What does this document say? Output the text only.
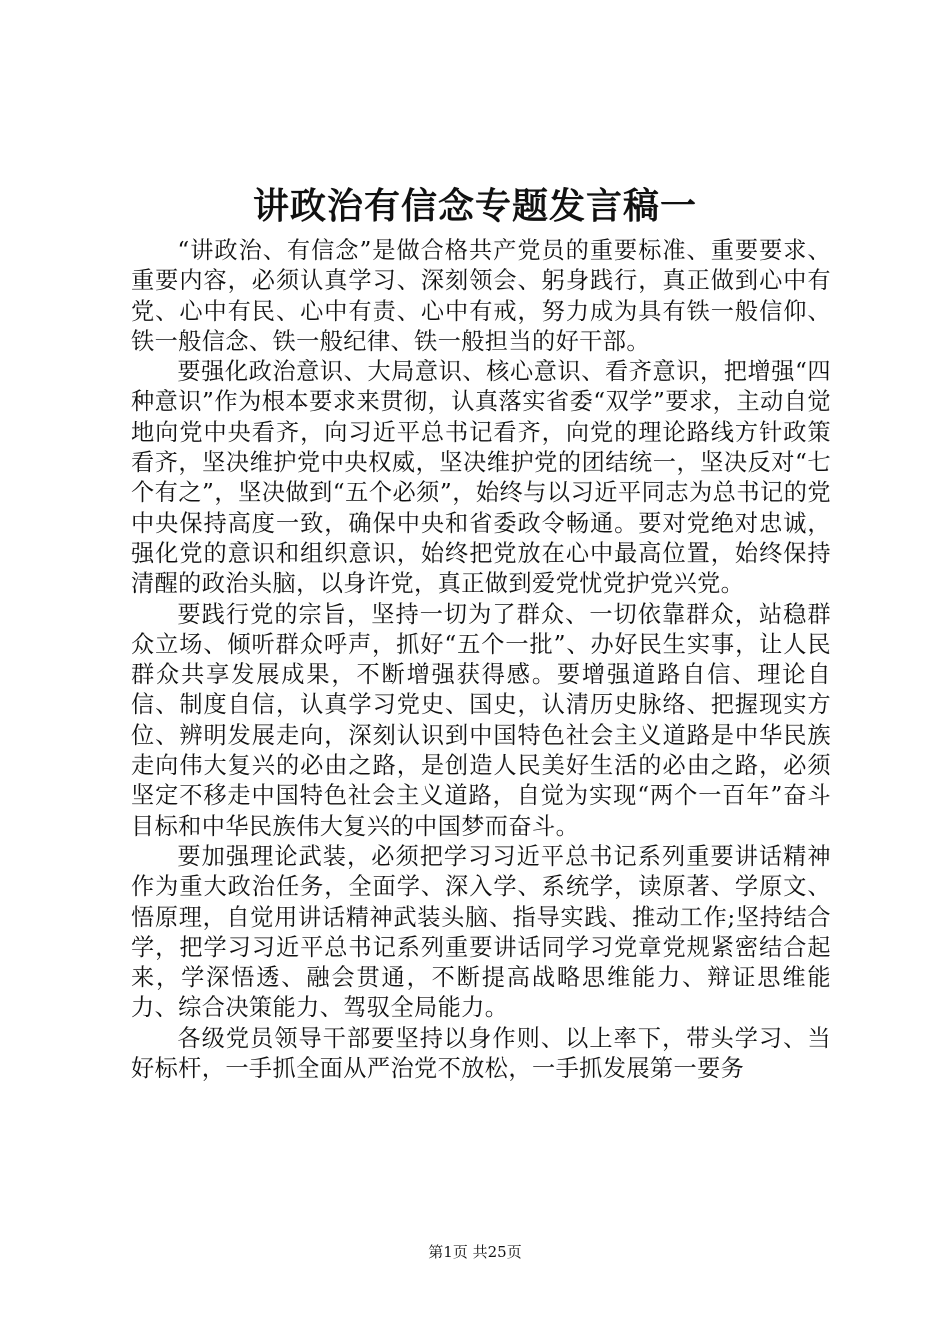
讲政治有信念专题发言稿一

“讲政治、有信念”是做合格共产党员的重要标准、重要要求、重要内容，必须认真学习、深刻领会、躬身践行，真正做到心中有党、心中有民、心中有责、心中有戒，努力成为具有铁一般信仰、铁一般信念、铁一般纪律、铁一般担当的好干部。

要强化政治意识、大局意识、核心意识、看齐意识，把增强“四种意识”作为根本要求来贯彻，认真落实省委“双学”要求，主动自觉地向党中央看齐，向习近平总书记看齐，向党的理论路线方针政策看齐，坚决维护党中央权威，坚决维护党的团结统一，坚决反对“七个有之”，坚决做到“五个必须”，始终与以习近平同志为总书记的党中央保持高度一致，确保中央和省委政令畅通。要对党绝对忠诚，强化党的意识和组织意识，始终把党放在心中最高位置，始终保持清醒的政治头脑，以身许党，真正做到爱党忧党护党兴党。

要践行党的宗旨，坚持一切为了群众、一切依靠群众，站稳群众立场、倾听群众呼声，抓好“五个一批”、办好民生实事，让人民群众共享发展成果，不断增强获得感。要增强道路自信、理论自信、制度自信，认真学习党史、国史，认清历史脉络、把握现实方位、辨明发展走向，深刻认识到中国特色社会主义道路是中华民族走向伟大复兴的必由之路，是创造人民美好生活的必由之路，必须坚定不移走中国特色社会主义道路，自觉为实现“两个一百年”奋斗目标和中华民族伟大复兴的中国梦而奋斗。

要加强理论武装，必须把学习习近平总书记系列重要讲话精神作为重大政治任务，全面学、深入学、系统学，读原著、学原文、悟原理，自觉用讲话精神武装头脑、指导实践、推动工作;坚持结合学，把学习习近平总书记系列重要讲话同学习党章党规紧密结合起来，学深悟透、融会贯通，不断提高战略思维能力、辩证思维能力、综合决策能力、驾驭全局能力。

各级党员领导干部要坚持以身作则、以上率下，带头学习、当好标杆，一手抓全面从严治党不放松，一手抓发展第一要务

第1页 共25页
